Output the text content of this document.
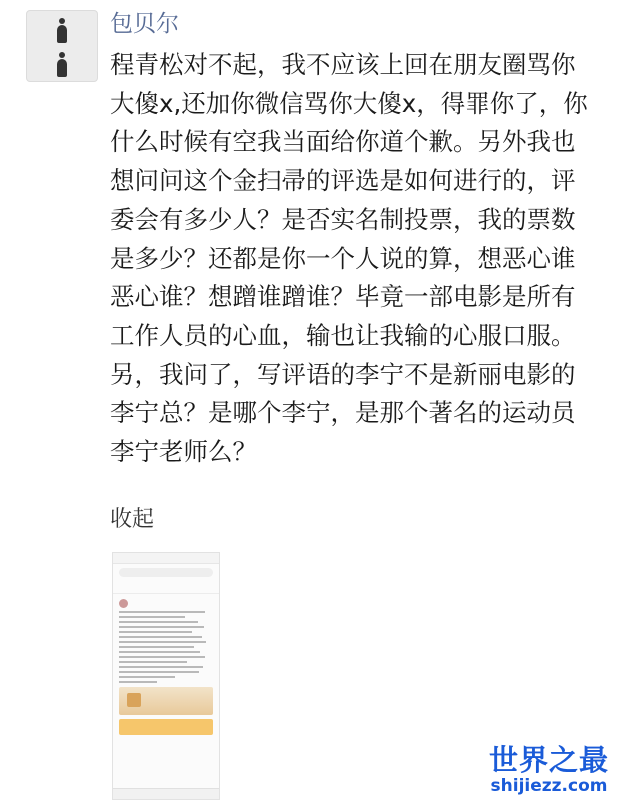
包贝尔

程青松对不起，我不应该上回在朋友圈骂你大傻x,还加你微信骂你大傻x，得罪你了，你什么时候有空我当面给你道个歉。另外我也想问问这个金扫帚的评选是如何进行的，评委会有多少人？是否实名制投票，我的票数是多少？还都是你一个人说的算，想恶心谁恶心谁？想蹭谁蹭谁？毕竟一部电影是所有工作人员的心血，输也让我输的心服口服。另，我问了，写评语的李宁不是新丽电影的李宁总？是哪个李宁，是那个著名的运动员李宁老师么？

收起
世界之最
shijiezz.com
